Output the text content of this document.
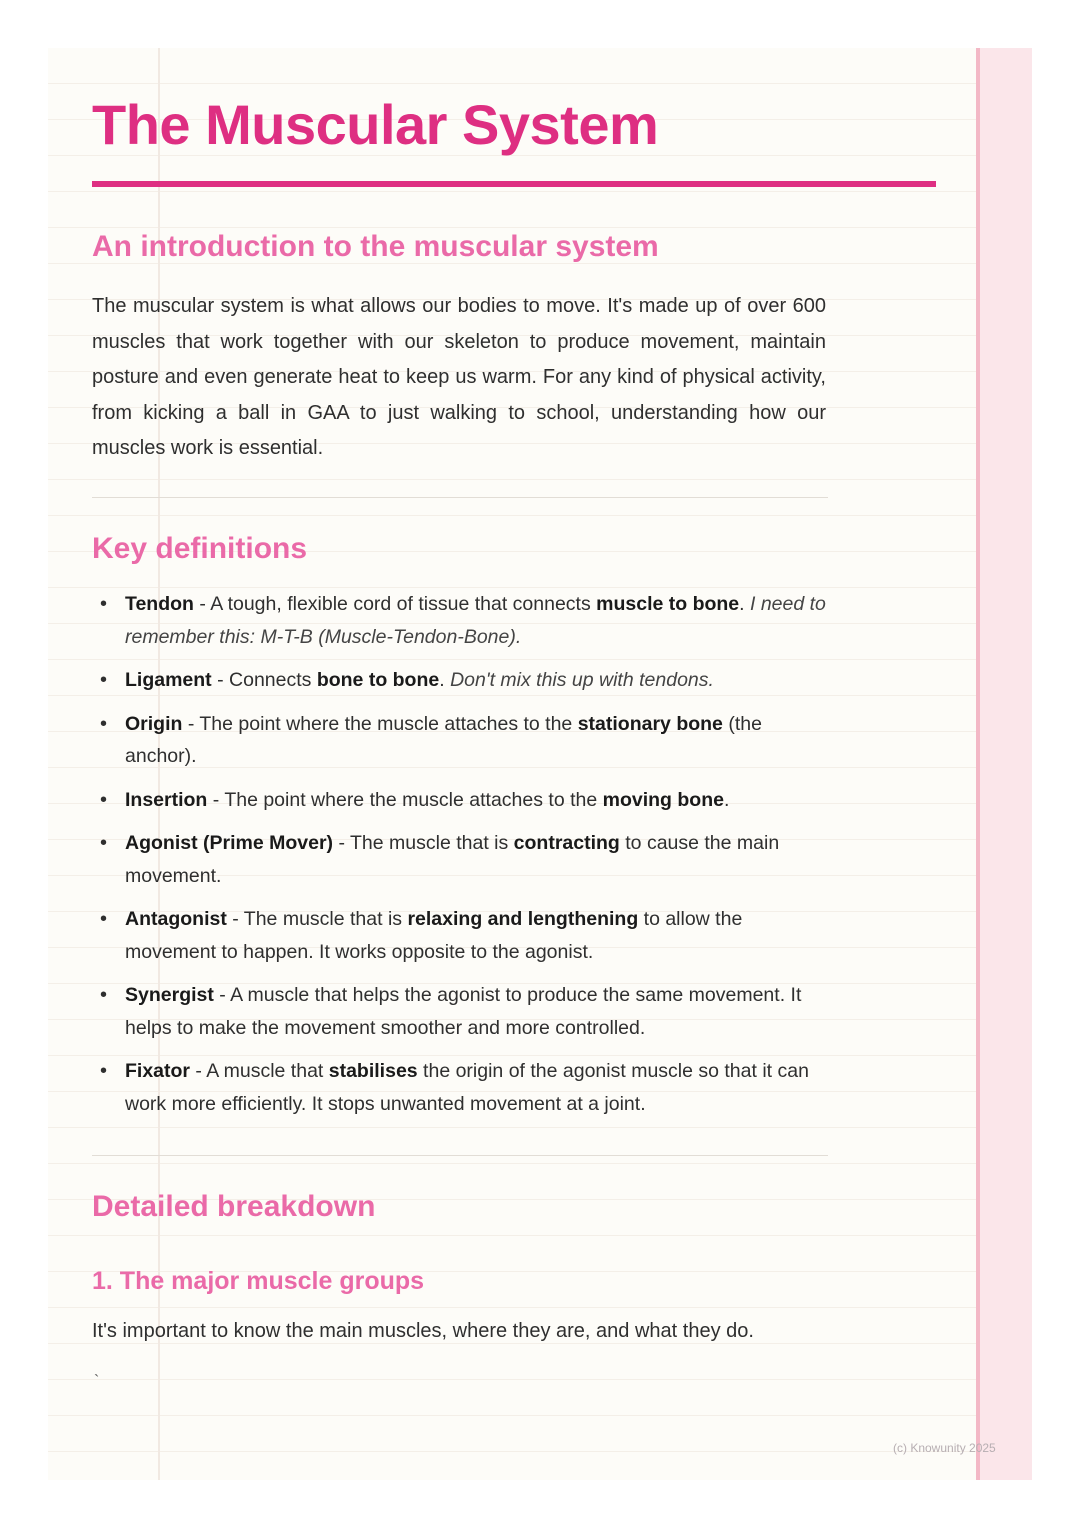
The Muscular System
An introduction to the muscular system

The muscular system is what allows our bodies to move. It's made up of over 600 muscles that work together with our skeleton to produce movement, maintain posture and even generate heat to keep us warm. For any kind of physical activity, from kicking a ball in GAA to just walking to school, understanding how our muscles work is essential.

Key definitions
• Tendon - A tough, flexible cord of tissue that connects muscle to bone. I need to remember this: M-T-B (Muscle-Tendon-Bone).
• Ligament - Connects bone to bone. Don't mix this up with tendons.
• Origin - The point where the muscle attaches to the stationary bone (the anchor).
• Insertion - The point where the muscle attaches to the moving bone.
• Agonist (Prime Mover) - The muscle that is contracting to cause the main movement.
• Antagonist - The muscle that is relaxing and lengthening to allow the movement to happen. It works opposite to the agonist.
• Synergist - A muscle that helps the agonist to produce the same movement. It helps to make the movement smoother and more controlled.
• Fixator - A muscle that stabilises the origin of the agonist muscle so that it can work more efficiently. It stops unwanted movement at a joint.
Detailed breakdown
1. The major muscle groups

It's important to know the main muscles, where they are, and what they do.

`
(c) Knowunity 2025
